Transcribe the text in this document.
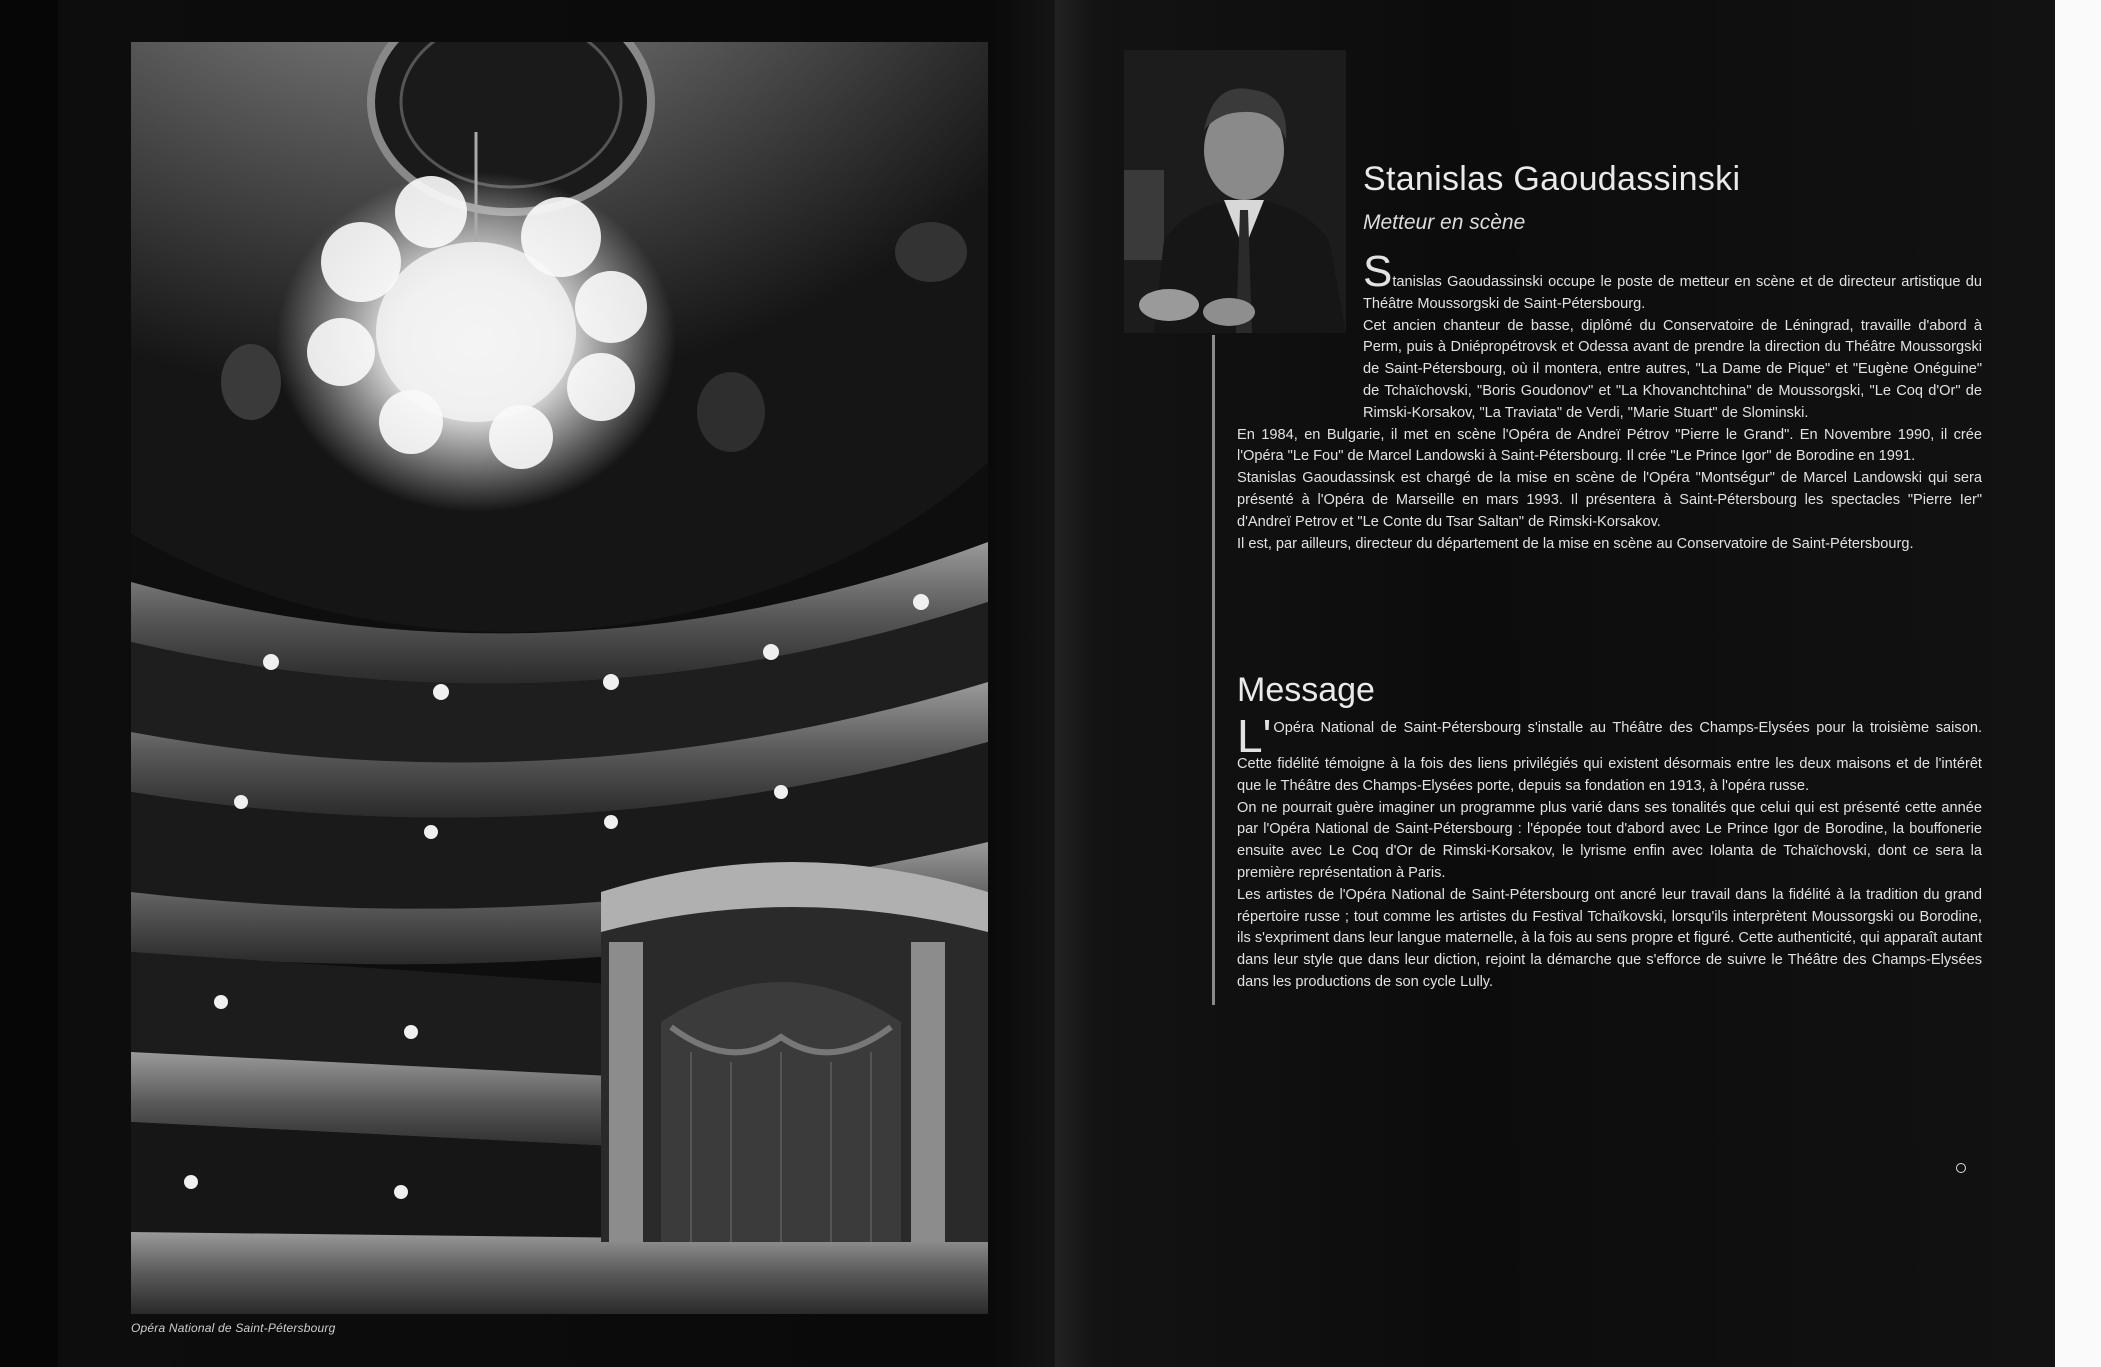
Opéra National de Saint-Pétersbourg
Stanislas Gaoudassinski
Metteur en scène

Stanislas Gaoudassinski occupe le poste de metteur en scène et de directeur artistique du Théâtre Moussorgski de Saint-Pétersbourg.

Cet ancien chanteur de basse, diplômé du Conservatoire de Léningrad, travaille d'abord à Perm, puis à Dniépropétrovsk et Odessa avant de prendre la direction du Théâtre Moussorgski de Saint-Pétersbourg, où il montera, entre autres, "La Dame de Pique" et "Eugène Onéguine" de Tchaïchovski, "Boris Goudonov" et "La Khovanchtchina" de Moussorgski, "Le Coq d'Or" de Rimski-Korsakov, "La Traviata" de Verdi, "Marie Stuart" de Slominski.

En 1984, en Bulgarie, il met en scène l'Opéra de Andreï Pétrov "Pierre le Grand". En Novembre 1990, il crée l'Opéra "Le Fou" de Marcel Landowski à Saint-Pétersbourg. Il crée "Le Prince Igor" de Borodine en 1991.

Stanislas Gaoudassinsk est chargé de la mise en scène de l'Opéra "Montségur" de Marcel Landowski qui sera présenté à l'Opéra de Marseille en mars 1993. Il présentera à Saint-Pétersbourg les spectacles "Pierre Ier" d'Andreï Petrov et "Le Conte du Tsar Saltan" de Rimski-Korsakov.

Il est, par ailleurs, directeur du département de la mise en scène au Conservatoire de Saint-Pétersbourg.

Message

L' Opéra National de Saint-Pétersbourg s'installe au Théâtre des Champs-Elysées pour la troisième saison. Cette fidélité témoigne à la fois des liens privilégiés qui existent désormais entre les deux maisons et de l'intérêt que le Théâtre des Champs-Elysées porte, depuis sa fondation en 1913, à l'opéra russe.

On ne pourrait guère imaginer un programme plus varié dans ses tonalités que celui qui est présenté cette année par l'Opéra National de Saint-Pétersbourg : l'épopée tout d'abord avec Le Prince Igor de Borodine, la bouffonerie ensuite avec Le Coq d'Or de Rimski-Korsakov, le lyrisme enfin avec Iolanta de Tchaïchovski, dont ce sera la première représentation à Paris.

Les artistes de l'Opéra National de Saint-Pétersbourg ont ancré leur travail dans la fidélité à la tradition du grand répertoire russe ; tout comme les artistes du Festival Tchaïkovski, lorsqu'ils interprètent Moussorgski ou Borodine, ils s'expriment dans leur langue maternelle, à la fois au sens propre et figuré. Cette authenticité, qui apparaît autant dans leur style que dans leur diction, rejoint la démarche que s'efforce de suivre le Théâtre des Champs-Elysées dans les productions de son cycle Lully.
